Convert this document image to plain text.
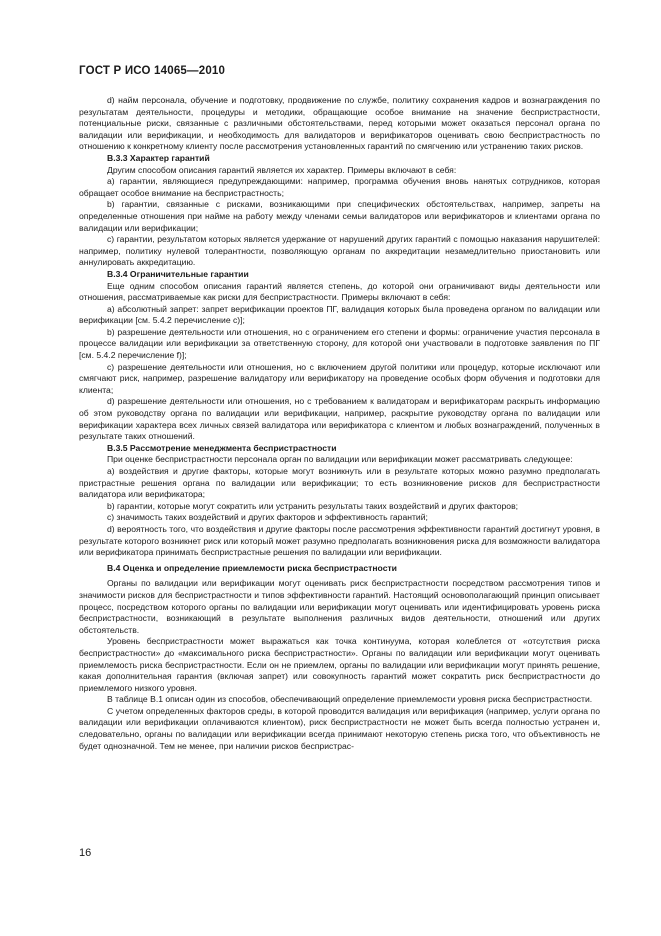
ГОСТ Р ИСО 14065—2010

d) найм персонала, обучение и подготовку, продвижение по службе, политику сохранения кадров и вознаграждения по результатам деятельности, процедуры и методики, обращающие особое внимание на значение беспристрастности, потенциальные риски, связанные с различными обстоятельствами, перед которыми может оказаться персонал органа по валидации или верификации, и необходимость для валидаторов и верификаторов оценивать свою беспристрастность по отношению к конкретному клиенту после рассмотрения установленных гарантий по смягчению или устранению таких рисков.

В.3.3 Характер гарантий

Другим способом описания гарантий является их характер. Примеры включают в себя:

а) гарантии, являющиеся предупреждающими: например, программа обучения вновь нанятых сотрудников, которая обращает особое внимание на беспристрастность;

b) гарантии, связанные с рисками, возникающими при специфических обстоятельствах, например, запреты на определенные отношения при найме на работу между членами семьи валидаторов или верификаторов и клиентами органа по валидации или верификации;

с) гарантии, результатом которых является удержание от нарушений других гарантий с помощью наказания нарушителей: например, политику нулевой толерантности, позволяющую органам по аккредитации незамедлительно приостановить или аннулировать аккредитацию.

В.3.4 Ограничительные гарантии

Еще одним способом описания гарантий является степень, до которой они ограничивают виды деятельности или отношения, рассматриваемые как риски для беспристрастности. Примеры включают в себя:

а) абсолютный запрет: запрет верификации проектов ПГ, валидация которых была проведена органом по валидации или верификации [см. 5.4.2 перечисление с)];

b) разрешение деятельности или отношения, но с ограничением его степени и формы: ограничение участия персонала в процессе валидации или верификации за ответственную сторону, для которой они участвовали в подготовке заявления по ПГ [см. 5.4.2 перечисление f)];

с) разрешение деятельности или отношения, но с включением другой политики или процедур, которые исключают или смягчают риск, например, разрешение валидатору или верификатору на проведение особых форм обучения и подготовки для клиента;

d) разрешение деятельности или отношения, но с требованием к валидаторам и верификаторам раскрыть информацию об этом руководству органа по валидации или верификации, например, раскрытие руководству органа по валидации или верификации характера всех личных связей валидатора или верификатора с клиентом и любых вознаграждений, полученных в результате таких отношений.

В.3.5 Рассмотрение менеджмента беспристрастности

При оценке беспристрастности персонала орган по валидации или верификации может рассматривать следующее:

а) воздействия и другие факторы, которые могут возникнуть или в результате которых можно разумно предполагать пристрастные решения органа по валидации или верификации; то есть возникновение рисков для беспристрастности валидатора или верификатора;

b) гарантии, которые могут сократить или устранить результаты таких воздействий и других факторов;

с) значимость таких воздействий и других факторов и эффективность гарантий;

d) вероятность того, что воздействия и другие факторы после рассмотрения эффективности гарантий достигнут уровня, в результате которого возникнет риск или который может разумно предполагать возникновения риска для возможности валидатора или верификатора принимать беспристрастные решения по валидации или верификации.

В.4 Оценка и определение приемлемости риска беспристрастности

Органы по валидации или верификации могут оценивать риск беспристрастности посредством рассмотрения типов и значимости рисков для беспристрастности и типов эффективности гарантий. Настоящий основополагающий принцип описывает процесс, посредством которого органы по валидации или верификации могут оценивать или идентифицировать уровень риска беспристрастности, возникающий в результате выполнения различных видов деятельности, отношений или других обстоятельств.

Уровень беспристрастности может выражаться как точка континуума, которая колеблется от «отсутствия риска беспристрастности» до «максимального риска беспристрастности». Органы по валидации или верификации могут оценивать приемлемость риска беспристрастности. Если он не приемлем, органы по валидации или верификации могут принять решение, какая дополнительная гарантия (включая запрет) или совокупность гарантий может сократить риск беспристрастности до приемлемого низкого уровня.

В таблице В.1 описан один из способов, обеспечивающий определение приемлемости уровня риска беспристрастности.

С учетом определенных факторов среды, в которой проводится валидация или верификация (например, услуги органа по валидации или верификации оплачиваются клиентом), риск беспристрастности не может быть всегда полностью устранен и, следовательно, органы по валидации или верификации всегда принимают некоторую степень риска того, что объективность не будет однозначной. Тем не менее, при наличии рисков беспристрас-

16
